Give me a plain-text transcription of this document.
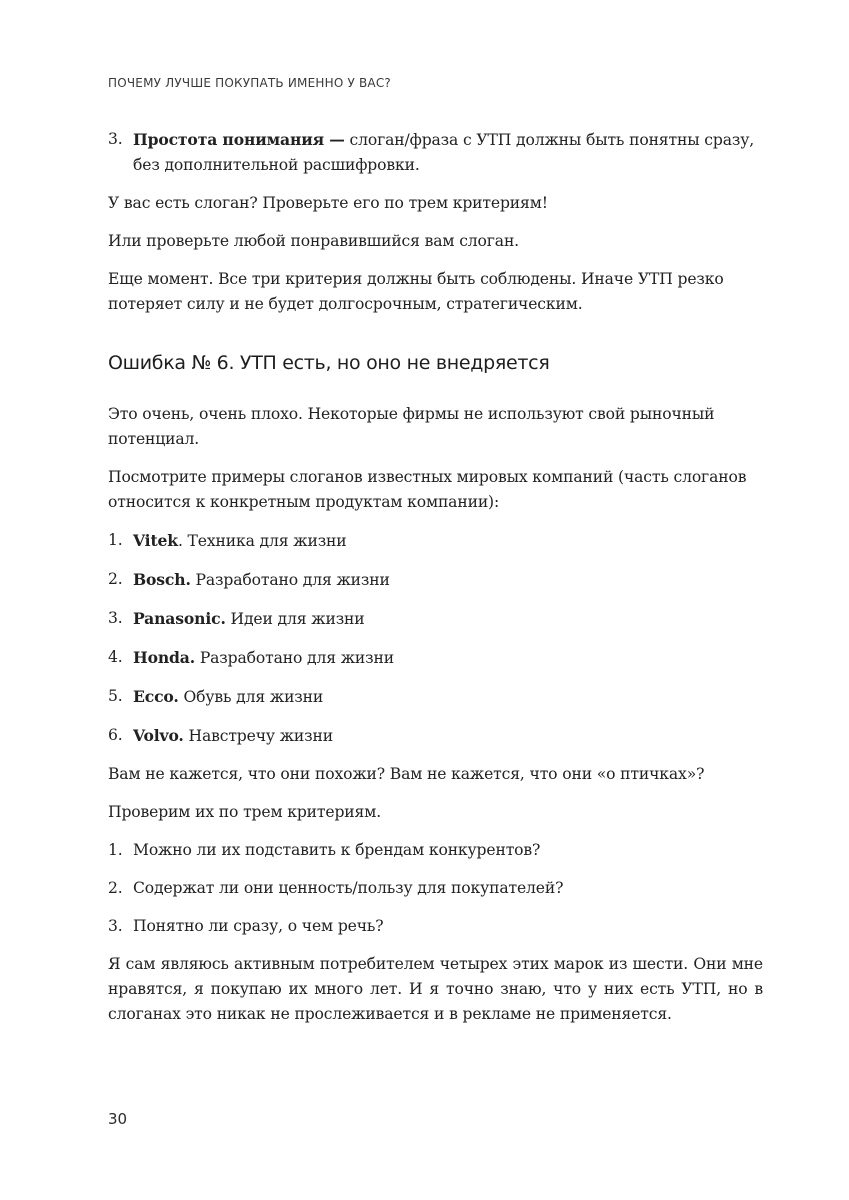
ПОЧЕМУ ЛУЧШЕ ПОКУПАТЬ ИМЕННО У ВАС?
3. Простота понимания — слоган/фраза с УТП должны быть понятны сразу, без дополнительной расшифровки.

У вас есть слоган? Проверьте его по трем критериям!

Или проверьте любой понравившийся вам слоган.

Еще момент. Все три критерия должны быть соблюдены. Иначе УТП резко потеряет силу и не будет долгосрочным, стратегическим.

Ошибка № 6. УТП есть, но оно не внедряется

Это очень, очень плохо. Некоторые фирмы не используют свой рыночный потенциал.

Посмотрите примеры слоганов известных мировых компаний (часть слоганов относится к конкретным продуктам компании):

1. Vitek. Техника для жизни
2. Bosch. Разработано для жизни
3. Panasonic. Идеи для жизни
4. Honda. Разработано для жизни
5. Ecco. Обувь для жизни
6. Volvo. Навстречу жизни

Вам не кажется, что они похожи? Вам не кажется, что они «о птичках»?

Проверим их по трем критериям.

1. Можно ли их подставить к брендам конкурентов?
2. Содержат ли они ценность/пользу для покупателей?
3. Понятно ли сразу, о чем речь?

Я сам являюсь активным потребителем четырех этих марок из шести. Они мне нравятся, я покупаю их много лет. И я точно знаю, что у них есть УТП, но в слоганах это никак не прослеживается и в рекламе не применяется.

30
